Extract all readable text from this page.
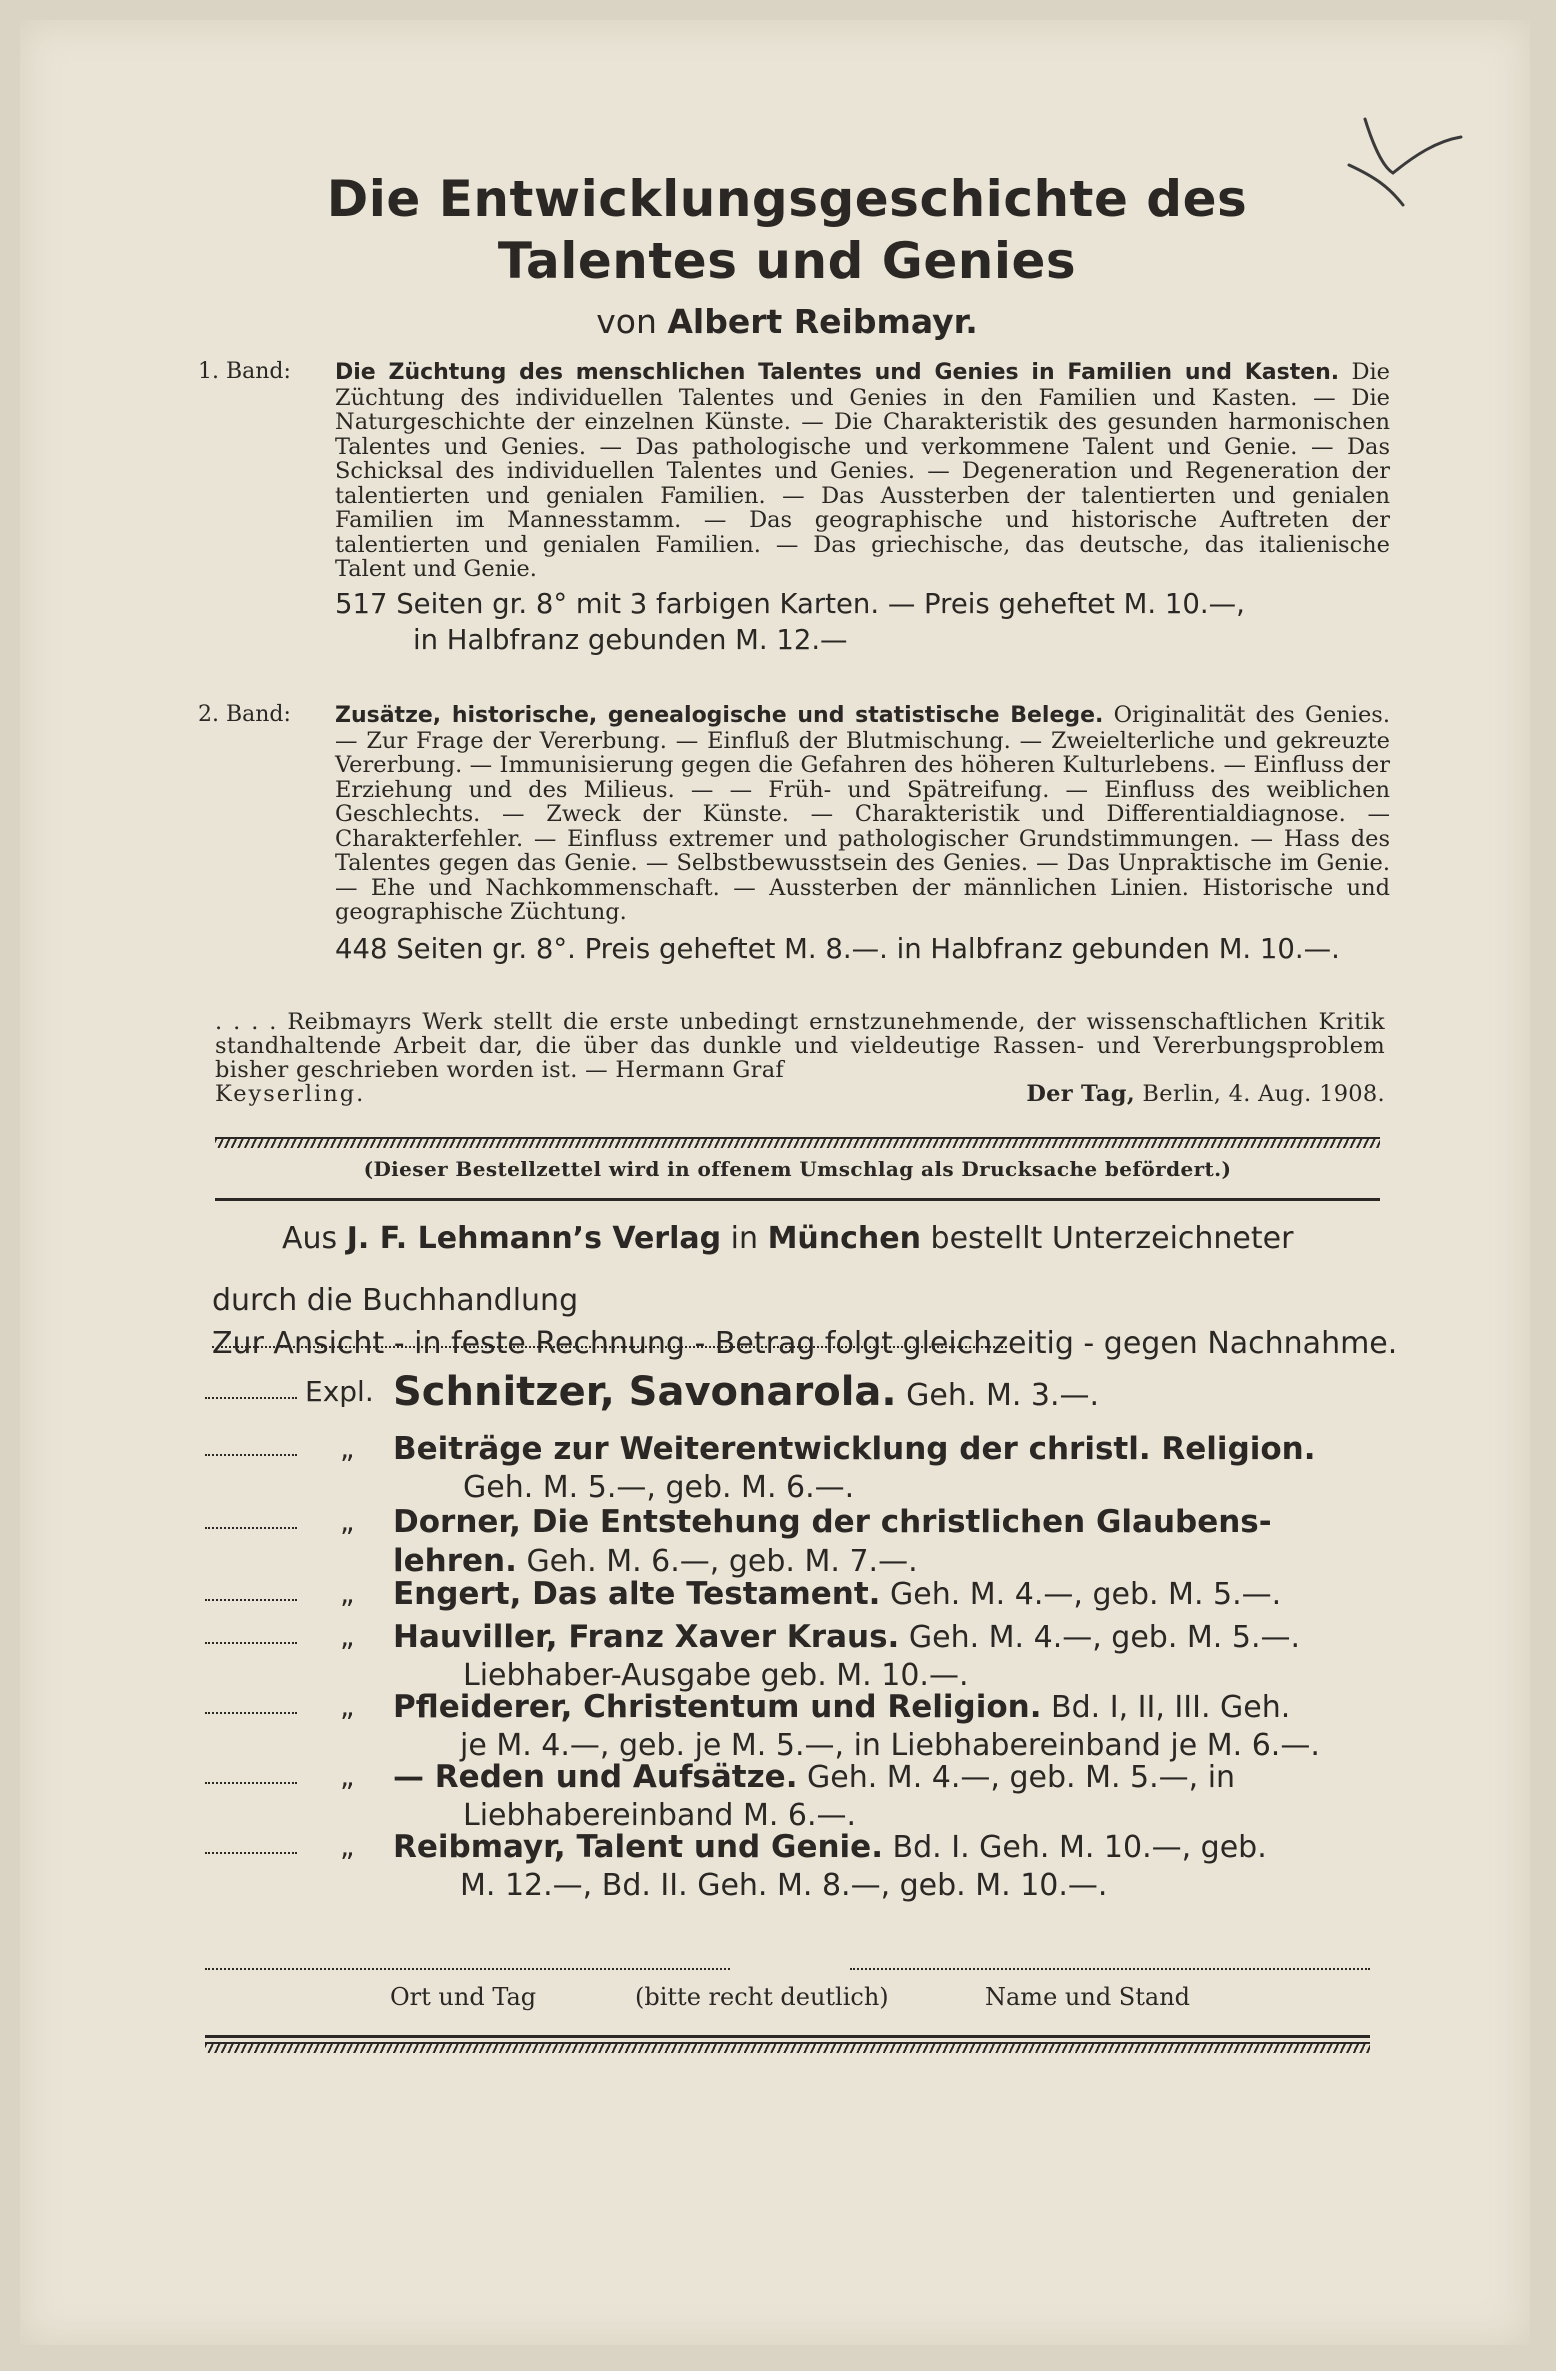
Die Entwicklungsgeschichte des
Talentes und Genies
von Albert Reibmayr.
1. Band: Die Züchtung des menschlichen Talentes und Genies in Familien und Kasten. Die Züchtung des individuellen Talentes und Genies in den Familien und Kasten. — Die Naturgeschichte der einzelnen Künste. — Die Charakteristik des gesunden harmonischen Talentes und Genies. — Das pathologische und verkommene Talent und Genie. — Das Schicksal des individuellen Talentes und Genies. — Degeneration und Regeneration der talentierten und genialen Familien. — Das Aussterben der talentierten und genialen Familien im Mannesstamm. — Das geographische und historische Auftreten der talentierten und genialen Familien. — Das griechische, das deutsche, das italienische Talent und Genie.
517 Seiten gr. 8° mit 3 farbigen Karten. — Preis geheftet M. 10.—,
in Halbfranz gebunden M. 12.—
2. Band: Zusätze, historische, genealogische und statistische Belege. Originalität des Genies. — Zur Frage der Vererbung. — Einfluß der Blutmischung. — Zweielterliche und gekreuzte Vererbung. — Immunisierung gegen die Gefahren des höheren Kulturlebens. — Einfluss der Erziehung und des Milieus. — — Früh- und Spätreifung. — Einfluss des weiblichen Geschlechts. — Zweck der Künste. — Charakteristik und Differentialdiagnose. — Charakterfehler. — Einfluss extremer und pathologischer Grundstimmungen. — Hass des Talentes gegen das Genie. — Selbstbewusstsein des Genies. — Das Unpraktische im Genie. — Ehe und Nachkommenschaft. — Aussterben der männlichen Linien. Historische und geographische Züchtung.
448 Seiten gr. 8°. Preis geheftet M. 8.—. in Halbfranz gebunden M. 10.—.
. . . . Reibmayrs Werk stellt die erste unbedingt ernstzunehmende, der wissenschaftlichen Kritik standhaltende Arbeit dar, die über das dunkle und vieldeutige Rassen- und Vererbungsproblem bisher geschrieben worden ist. — Hermann Graf
Keyserling.	Der Tag, Berlin, 4. Aug. 1908.
(Dieser Bestellzettel wird in offenem Umschlag als Drucksache befördert.)
Aus J. F. Lehmann’s Verlag in München bestellt Unterzeichneter
durch die Buchhandlung
Zur Ansicht - in feste Rechnung - Betrag folgt gleichzeitig - gegen Nachnahme.
Expl. Schnitzer, Savonarola. Geh. M. 3.—.
„ Beiträge zur Weiterentwicklung der christl. Religion.
Geh. M. 5.—, geb. M. 6.—.
„ Dorner, Die Entstehung der christlichen Glaubens-
lehren. Geh. M. 6.—, geb. M. 7.—.
„ Engert, Das alte Testament. Geh. M. 4.—, geb. M. 5.—.
„ Hauviller, Franz Xaver Kraus. Geh. M. 4.—, geb. M. 5.—.
Liebhaber-Ausgabe geb. M. 10.—.
„ Pfleiderer, Christentum und Religion. Bd. I, II, III. Geh.
je M. 4.—, geb. je M. 5.—, in Liebhabereinband je M. 6.—.
„ — Reden und Aufsätze. Geh. M. 4.—, geb. M. 5.—, in
Liebhabereinband M. 6.—.
„ Reibmayr, Talent und Genie. Bd. I. Geh. M. 10.—, geb.
M. 12.—, Bd. II. Geh. M. 8.—, geb. M. 10.—.
Ort und Tag	(bitte recht deutlich)	Name und Stand
